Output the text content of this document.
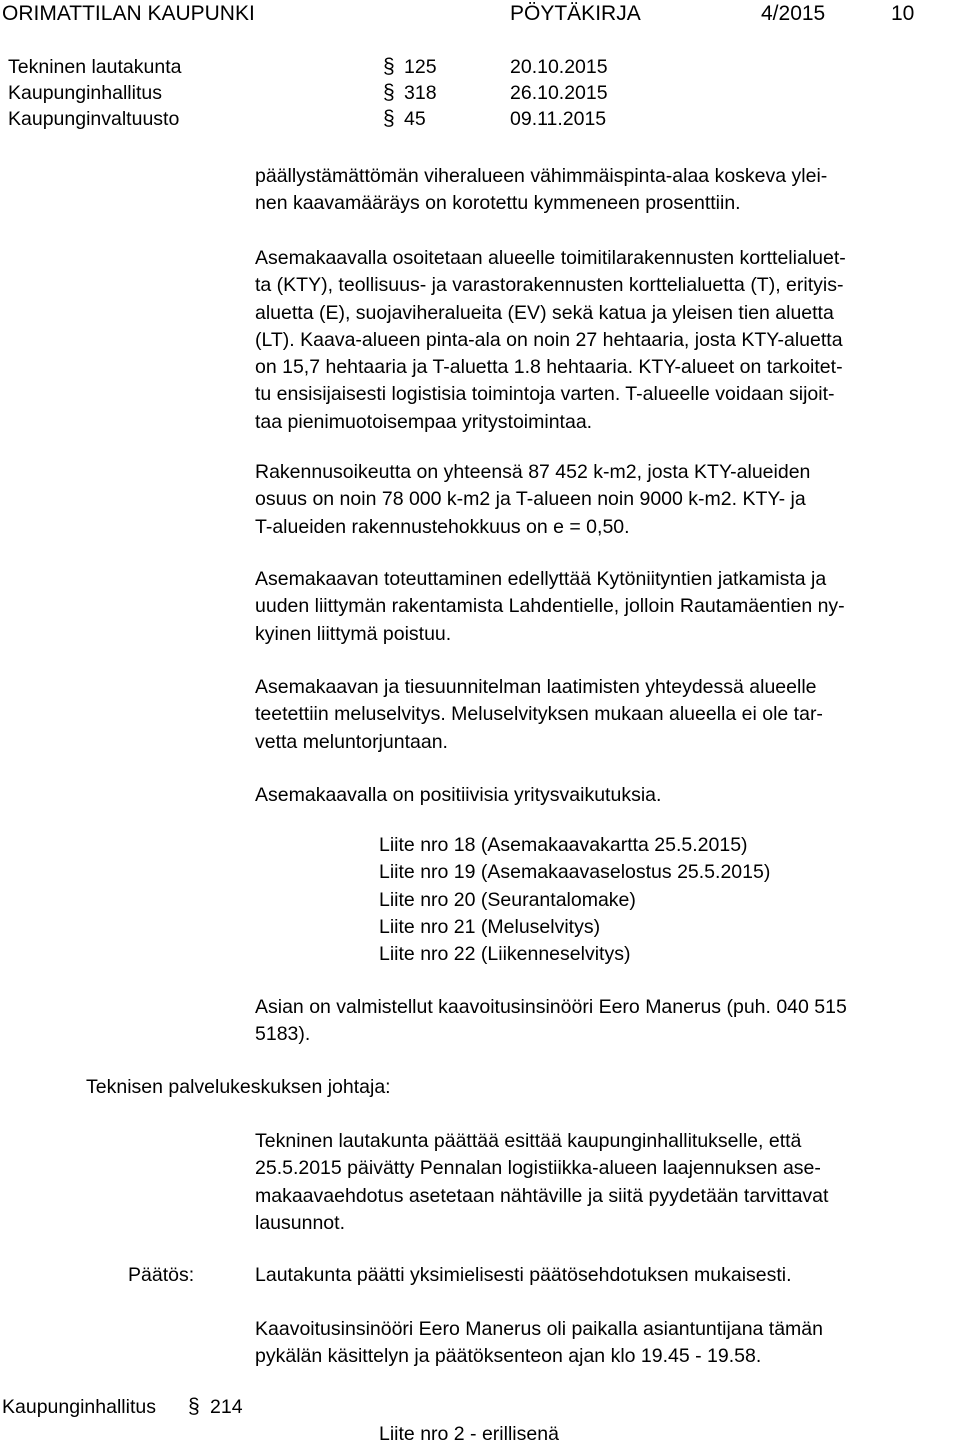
ORIMATTILAN KAUPUNKI	PÖYTÄKIRJA	4/2015	10
Tekninen lautakunta	§ 125	20.10.2015
Kaupunginhallitus	§ 318	26.10.2015
Kaupunginvaltuusto	§ 45	09.11.2015
päällystämättömän viheralueen vähimmäispinta-alaa koskeva ylei-
nen kaavamääräys on korotettu kymmeneen prosenttiin.
Asemakaavalla osoitetaan alueelle toimitilarakennusten korttelialuet-
ta (KTY), teollisuus- ja varastorakennusten korttelialuetta (T), erityis-
aluetta (E), suojaviheralueita (EV) sekä katua ja yleisen tien aluetta
(LT). Kaava-alueen pinta-ala on noin 27 hehtaaria, josta KTY-aluetta
on 15,7 hehtaaria ja T-aluetta 1.8 hehtaaria. KTY-alueet on tarkoitet-
tu ensisijaisesti logistisia toimintoja varten. T-alueelle voidaan sijoit-
taa pienimuotoisempaa yritystoimintaa.
Rakennusoikeutta on yhteensä 87 452 k-m2, josta KTY-alueiden
osuus on noin 78 000 k-m2 ja T-alueen noin 9000 k-m2. KTY- ja
T-alueiden rakennustehokkuus on e = 0,50.
Asemakaavan toteuttaminen edellyttää Kytöniityntien jatkamista ja
uuden liittymän rakentamista Lahdentielle, jolloin Rautamäentien ny-
kyinen liittymä poistuu.
Asemakaavan ja tiesuunnitelman laatimisten yhteydessä alueelle
teetettiin meluselvitys. Meluselvityksen mukaan alueella ei ole tar-
vetta meluntorjuntaan.
Asemakaavalla on positiivisia yritysvaikutuksia.
Liite nro 18 (Asemakaavakartta 25.5.2015)
Liite nro 19 (Asemakaavaselostus 25.5.2015)
Liite nro 20 (Seurantalomake)
Liite nro 21 (Meluselvitys)
Liite nro 22 (Liikenneselvitys)
Asian on valmistellut kaavoitusinsinööri Eero Manerus (puh. 040 515
5183).
Teknisen palvelukeskuksen johtaja:
Tekninen lautakunta päättää esittää kaupunginhallitukselle, että
25.5.2015 päivätty Pennalan logistiikka-alueen laajennuksen ase-
makaavaehdotus asetetaan nähtäville ja siitä pyydetään tarvittavat
lausunnot.
Päätös:	Lautakunta päätti yksimielisesti päätösehdotuksen mukaisesti.
Kaavoitusinsinööri Eero Manerus oli paikalla asiantuntijana tämän
pykälän käsittelyn ja päätöksenteon ajan klo 19.45 - 19.58.
Kaupunginhallitus § 214
Liite nro 2 - erillisenä
